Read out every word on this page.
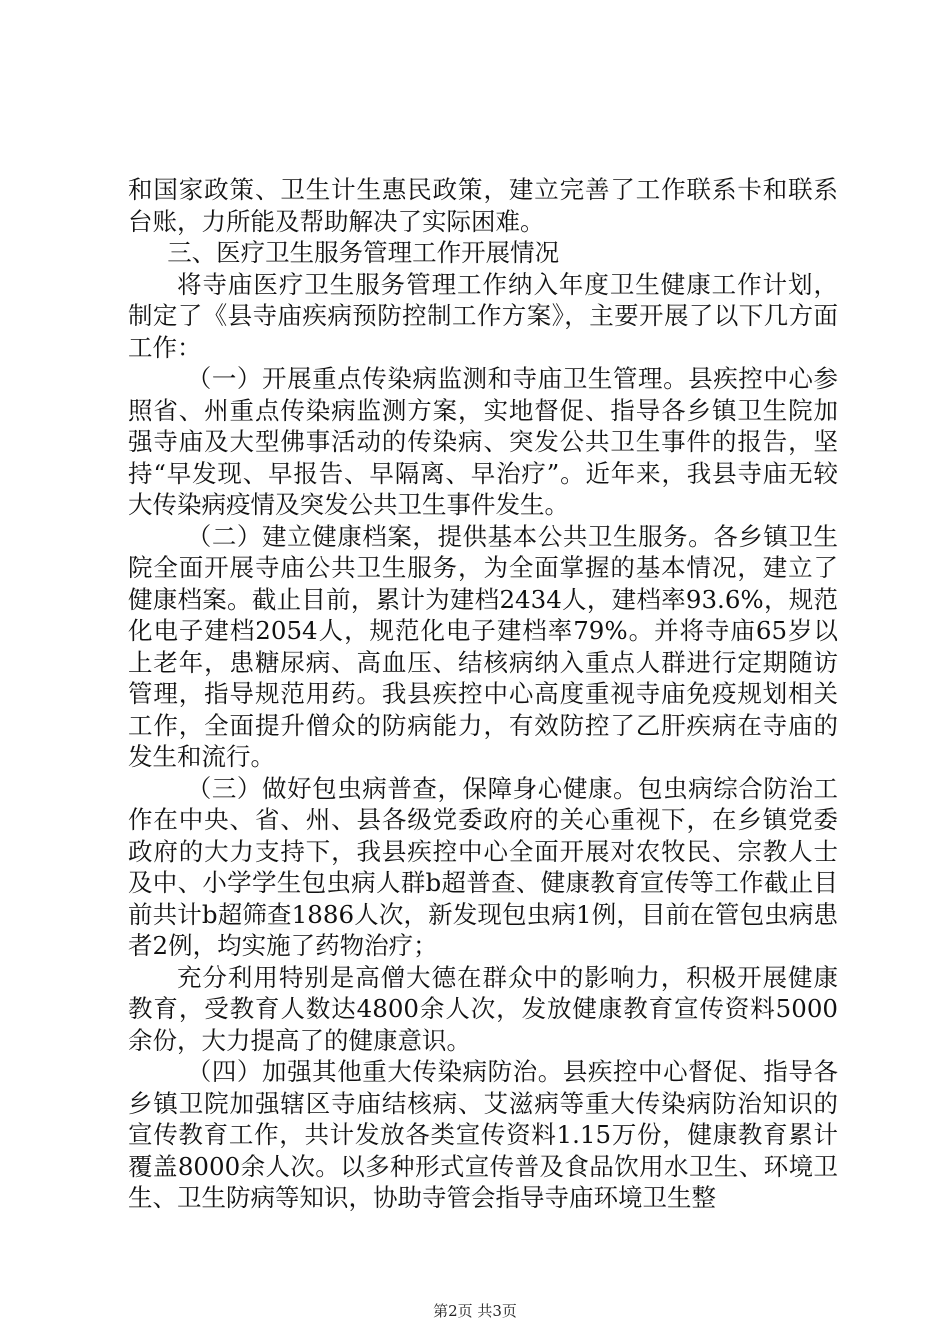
和国家政策、卫生计生惠民政策，建立完善了工作联系卡和联系台账，力所能及帮助解决了实际困难。

三、医疗卫生服务管理工作开展情况

将寺庙医疗卫生服务管理工作纳入年度卫生健康工作计划，制定了《县寺庙疾病预防控制工作方案》，主要开展了以下几方面工作：

（一）开展重点传染病监测和寺庙卫生管理。县疾控中心参照省、州重点传染病监测方案，实地督促、指导各乡镇卫生院加强寺庙及大型佛事活动的传染病、突发公共卫生事件的报告，坚持“早发现、早报告、早隔离、早治疗”。近年来，我县寺庙无较大传染病疫情及突发公共卫生事件发生。

（二）建立健康档案，提供基本公共卫生服务。各乡镇卫生院全面开展寺庙公共卫生服务，为全面掌握的基本情况，建立了健康档案。截止目前，累计为建档2434人，建档率93.6%，规范化电子建档2054人，规范化电子建档率79%。并将寺庙65岁以上老年，患糖尿病、高血压、结核病纳入重点人群进行定期随访管理，指导规范用药。我县疾控中心高度重视寺庙免疫规划相关工作，全面提升僧众的防病能力，有效防控了乙肝疾病在寺庙的发生和流行。

（三）做好包虫病普查，保障身心健康。包虫病综合防治工作在中央、省、州、县各级党委政府的关心重视下，在乡镇党委政府的大力支持下，我县疾控中心全面开展对农牧民、宗教人士及中、小学学生包虫病人群b超普查、健康教育宣传等工作截止目前共计b超筛查1886人次，新发现包虫病1例，目前在管包虫病患者2例，均实施了药物治疗；

充分利用特别是高僧大德在群众中的影响力，积极开展健康教育，受教育人数达4800余人次，发放健康教育宣传资料5000余份，大力提高了的健康意识。

（四）加强其他重大传染病防治。县疾控中心督促、指导各乡镇卫院加强辖区寺庙结核病、艾滋病等重大传染病防治知识的宣传教育工作，共计发放各类宣传资料1.15万份，健康教育累计覆盖8000余人次。以多种形式宣传普及食品饮用水卫生、环境卫生、卫生防病等知识，协助寺管会指导寺庙环境卫生整

第2页 共3页
